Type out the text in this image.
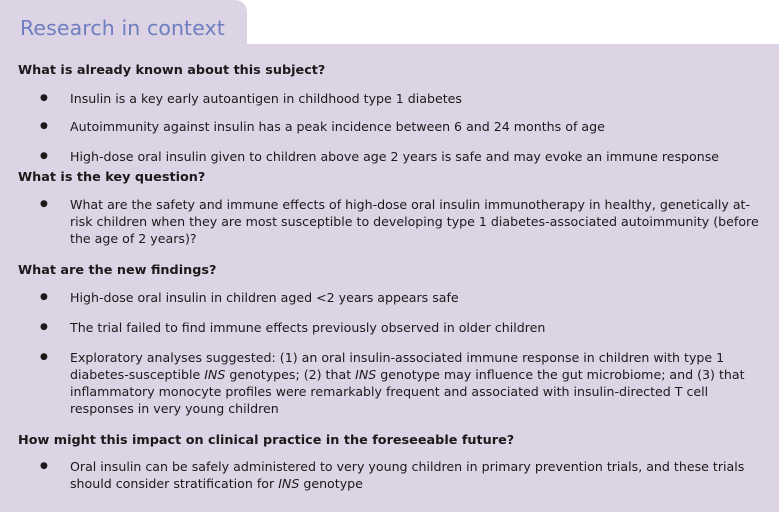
Research in context
What is already known about this subject?
● Insulin is a key early autoantigen in childhood type 1 diabetes
● Autoimmunity against insulin has a peak incidence between 6 and 24 months of age
● High-dose oral insulin given to children above age 2 years is safe and may evoke an immune response
What is the key question?
● What are the safety and immune effects of high-dose oral insulin immunotherapy in healthy, genetically at-risk children when they are most susceptible to developing type 1 diabetes-associated autoimmunity (before the age of 2 years)?
What are the new findings?
● High-dose oral insulin in children aged <2 years appears safe
● The trial failed to find immune effects previously observed in older children
● Exploratory analyses suggested: (1) an oral insulin-associated immune response in children with type 1 diabetes-susceptible INS genotypes; (2) that INS genotype may influence the gut microbiome; and (3) that inflammatory monocyte profiles were remarkably frequent and associated with insulin-directed T cell responses in very young children
How might this impact on clinical practice in the foreseeable future?
● Oral insulin can be safely administered to very young children in primary prevention trials, and these trials should consider stratification for INS genotype
